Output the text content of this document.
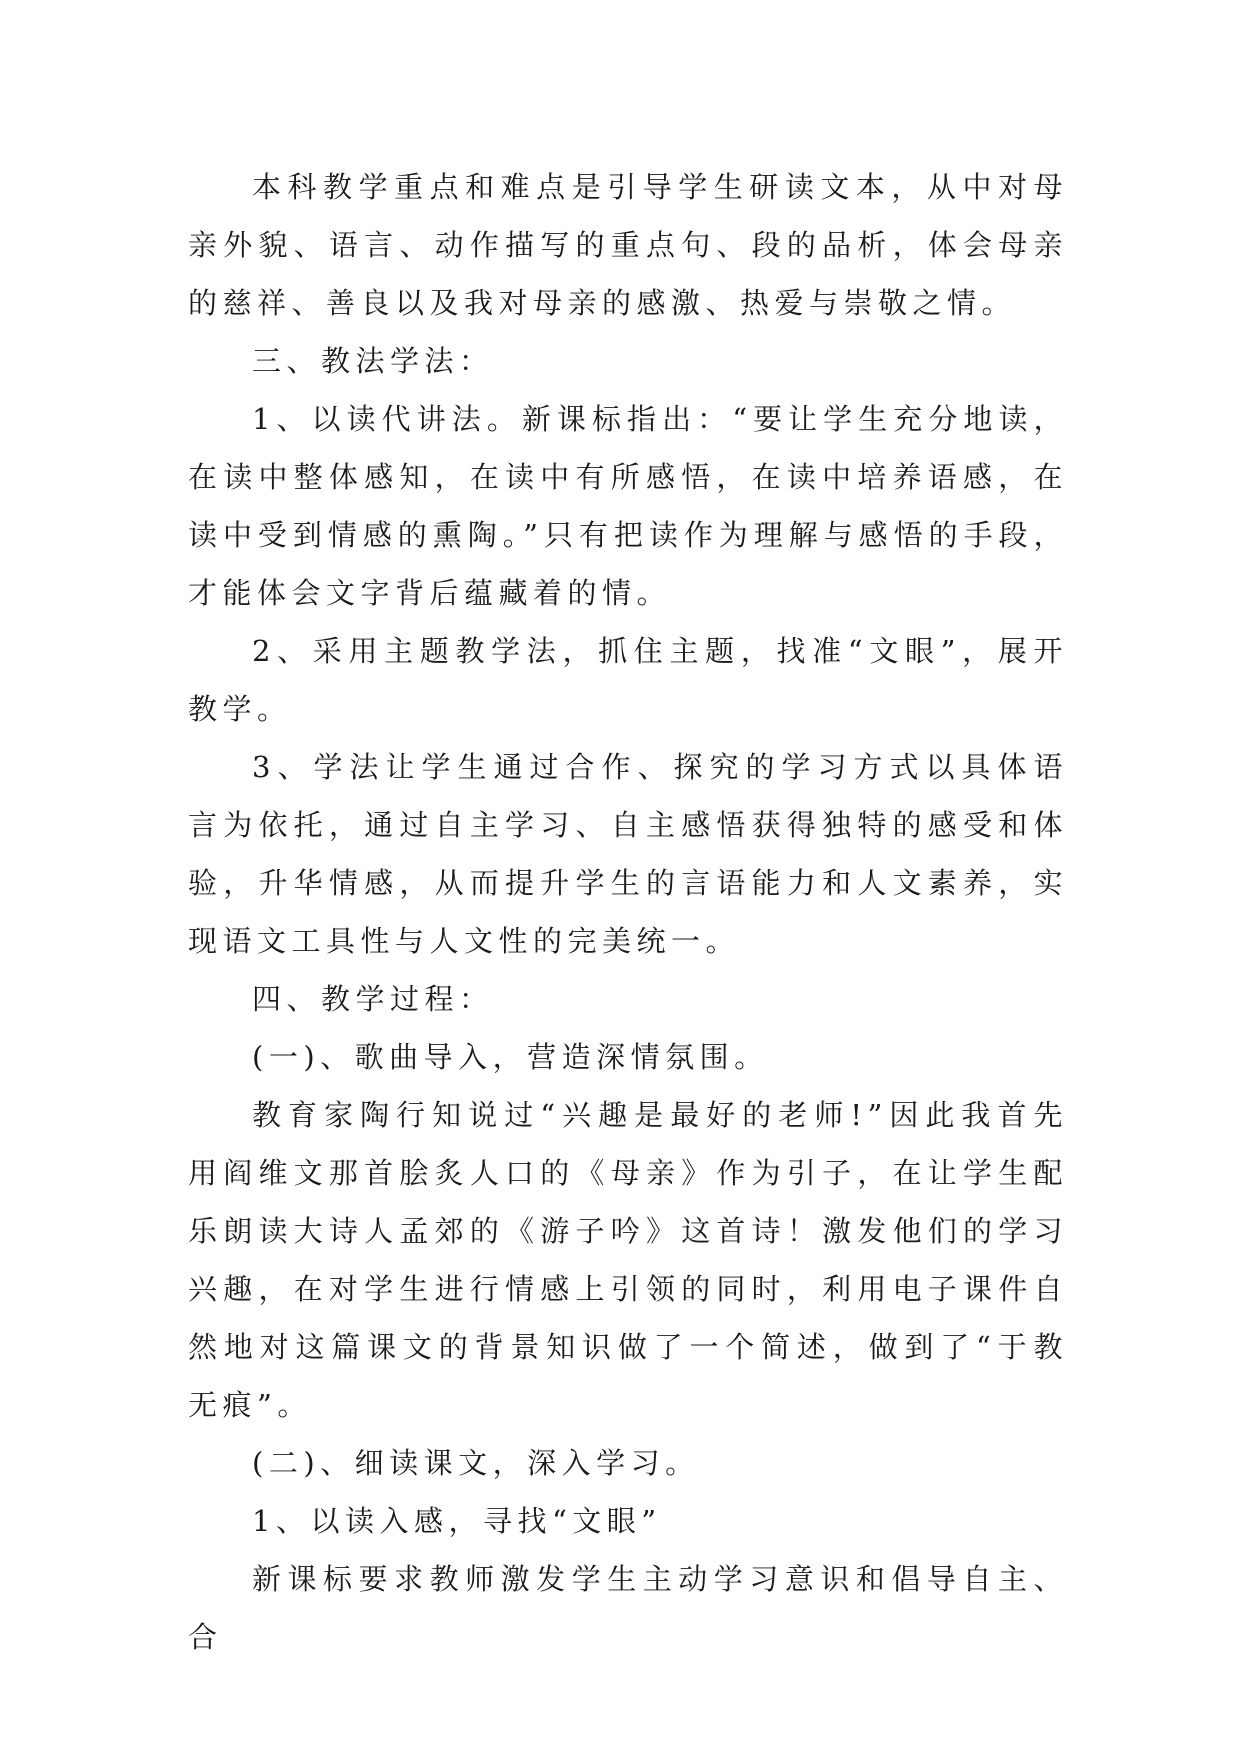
本科教学重点和难点是引导学生研读文本，从中对母亲外貌、语言、动作描写的重点句、段的品析，体会母亲的慈祥、善良以及我对母亲的感激、热爱与崇敬之情。

三、教法学法：

1、以读代讲法。新课标指出：“要让学生充分地读，在读中整体感知，在读中有所感悟，在读中培养语感，在读中受到情感的熏陶。”只有把读作为理解与感悟的手段，才能体会文字背后蕴藏着的情。

2、采用主题教学法，抓住主题，找准“文眼”，展开教学。

3、学法让学生通过合作、探究的学习方式以具体语言为依托，通过自主学习、自主感悟获得独特的感受和体验，升华情感，从而提升学生的言语能力和人文素养，实现语文工具性与人文性的完美统一。

四、教学过程：

(一)、歌曲导入，营造深情氛围。

教育家陶行知说过“兴趣是最好的老师!”因此我首先用阎维文那首脍炙人口的《母亲》作为引子，在让学生配乐朗读大诗人孟郊的《游子吟》这首诗！激发他们的学习兴趣，在对学生进行情感上引领的同时，利用电子课件自然地对这篇课文的背景知识做了一个简述，做到了“于教无痕”。

(二)、细读课文，深入学习。

1、以读入感，寻找“文眼”

新课标要求教师激发学生主动学习意识和倡导自主、合
